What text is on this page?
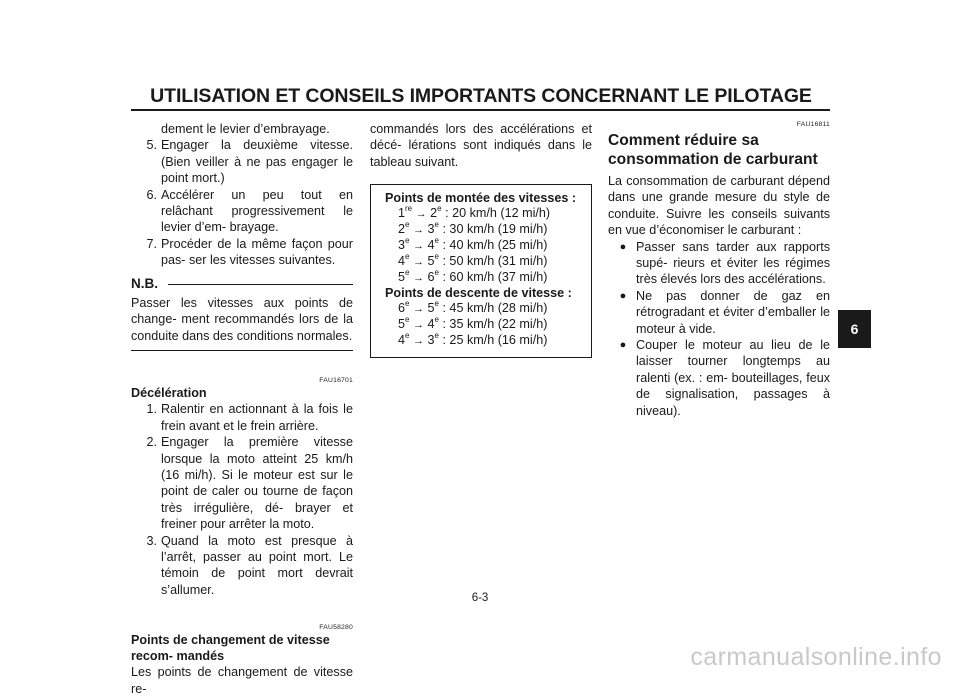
UTILISATION ET CONSEILS IMPORTANTS CONCERNANT LE PILOTAGE
dement le levier d’embrayage.
5. Engager la deuxième vitesse. (Bien veiller à ne pas engager le point mort.)
6. Accélérer un peu tout en relâchant progressivement le levier d’em- brayage.
7. Procéder de la même façon pour pas- ser les vitesses suivantes.
N.B.
Passer les vitesses aux points de change- ment recommandés lors de la conduite dans des conditions normales.
FAU16701
Décélération
1. Ralentir en actionnant à la fois le frein avant et le frein arrière.
2. Engager la première vitesse lorsque la moto atteint 25 km/h (16 mi/h). Si le moteur est sur le point de caler ou tourne de façon très irrégulière, dé- brayer et freiner pour arrêter la moto.
3. Quand la moto est presque à l’arrêt, passer au point mort. Le témoin de point mort devrait s’allumer.
FAU58280
Points de changement de vitesse recom- mandés
Les points de changement de vitesse re-
commandés lors des accélérations et décé- lérations sont indiqués dans le tableau suivant.
Points de montée des vitesses :
$1re \to 2^e$ : 20 km/h (12 mi/h)
$2^e \to 3^e$ : 30 km/h (19 mi/h)
$3^e \to 4^e$ : 40 km/h (25 mi/h)
$4^e \to 5^e$ : 50 km/h (31 mi/h)
$5^e \to 6^e$ : 60 km/h (37 mi/h)
Points de descente de vitesse :
$6^e \to 5^e$ : 45 km/h (28 mi/h)
$5^e \to 4^e$ : 35 km/h (22 mi/h)
$4^e \to 3^e$ : 25 km/h (16 mi/h)
FAU16811
Comment réduire sa consommation de carburant
La consommation de carburant dépend dans une grande mesure du style de conduite. Suivre les conseils suivants en vue d’économiser le carburant :
● Passer sans tarder aux rapports supé- rieurs et éviter les régimes très élevés lors des accélérations.
● Ne pas donner de gaz en rétrogradant et éviter d’emballer le moteur à vide.
● Couper le moteur au lieu de le laisser tourner longtemps au ralenti (ex. : em- bouteillages, feux de signalisation, passages à niveau).
6
6-3
carmanualsonline.info
